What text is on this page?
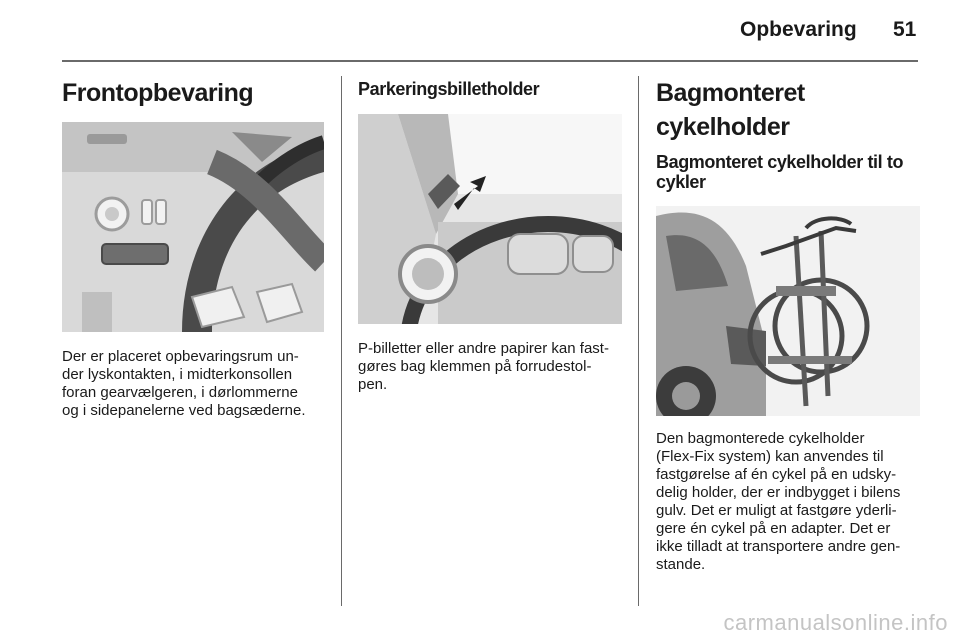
Opbevaring 51
Frontopbevaring

Der er placeret opbevaringsrum un-
der lyskontakten, i midterkonsollen
foran gearvælgeren, i dørlommerne
og i sidepanelerne ved bagsæderne.

Parkeringsbilletholder

P-billetter eller andre papirer kan fast-
gøres bag klemmen på forrudestol-
pen.

Bagmonteret cykelholder

Bagmonteret cykelholder til to
cykler

Den bagmonterede cykelholder
(Flex-Fix system) kan anvendes til
fastgørelse af én cykel på en udsky-
delig holder, der er indbygget i bilens
gulv. Det er muligt at fastgøre yderli-
gere én cykel på en adapter. Det er
ikke tilladt at transportere andre gen-
stande.

carmanualsonline.info
